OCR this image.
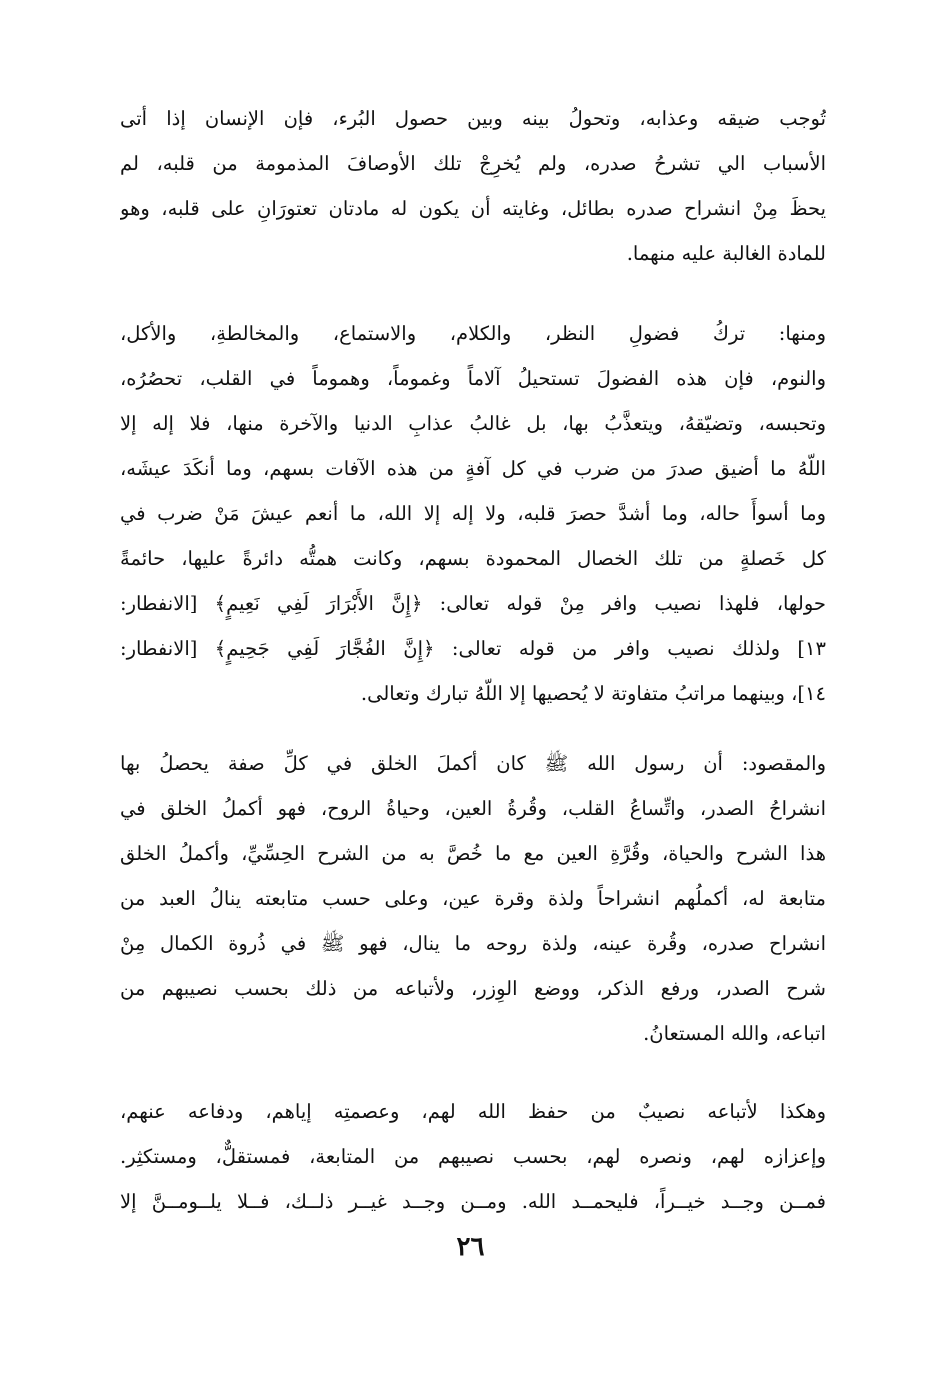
تُوجب ضيقه وعذابه، وتحولُ بينه وبين حصول البُرء، فإن الإنسان إذا أتى
الأسباب الي تشرحُ صدره، ولم يُخرِجْ تلك الأوصافَ المذمومة من قلبه، لم
يحظَ مِنْ انشراح صدره بطائل، وغايته أن يكون له مادتان تعتورَانِ على قلبه، وهو
للمادة الغالبة عليه منهما.
ومنها: تركُ فضولِ النظر، والكلام، والاستماع، والمخالطةِ، والأكل،
والنوم، فإن هذه الفضولَ تستحيلُ آلاماً وغموماً، وهموماً في القلب، تحصُرُه،
وتحبسه، وتضيّقهُ، ويتعذَّبُ بها، بل غالبُ عذابِ الدنيا والآخرة منها، فلا إله إلا
اللّهُ ما أضيق صدرَ من ضرب في كل آفةٍ من هذه الآفات بسهم، وما أنكَدَ عيشَه،
وما أسوأَ حاله، وما أشدَّ حصرَ قلبه، ولا إله إلا الله، ما أنعم عيشَ مَنْ ضرب في
كل خَصلةٍ من تلك الخصال المحمودة بسهم، وكانت همتُّه دائرةً عليها، حائمةً
حولها، فلهذا نصيب وافر مِنْ قوله تعالى: ﴿إِنَّ الأَبْرَارَ لَفِي نَعِيمٍ﴾ [الانفطار:
١٣] ولذلك نصيب وافر من قوله تعالى: ﴿إِنَّ الفُجَّارَ لَفِي جَحِيمٍ﴾ [الانفطار:
١٤]، وبينهما مراتبُ متفاوتة لا يُحصيها إلا اللّهُ تبارك وتعالى.
والمقصود: أن رسول الله ﷺ كان أكملَ الخلق في كلِّ صفة يحصلُ بها
انشراحُ الصدر، واتِّساعُ القلب، وقُرةُ العين، وحياةُ الروح، فهو أكملُ الخلق في
هذا الشرح والحياة، وقُرَّةِ العين مع ما خُصَّ به من الشرح الحِسِّيِّ، وأكملُ الخلق
متابعة له، أكملُهم انشراحاً ولذة وقرة عين، وعلى حسب متابعته ينالُ العبد من
انشراح صدره، وقُرة عينه، ولذة روحه ما ينال، فهو ﷺ في ذُروة الكمال مِنْ
شرح الصدر، ورفع الذكر، ووضع الوِزر، ولأتباعه من ذلك بحسب نصيبهم من
اتباعه، والله المستعانُ.
وهكذا لأتباعه نصيبٌ من حفظ الله لهم، وعصمتِه إياهم، ودفاعه عنهم،
وإعزازه لهم، ونصره لهم، بحسب نصيبهم من المتابعة، فمستقلٌّ، ومستكثِر.
فمــن وجــد خيــراً، فليحمــد الله. ومــن وجــد غيــر ذلــك، فــلا يلــومــنَّ إلا
٢٦
